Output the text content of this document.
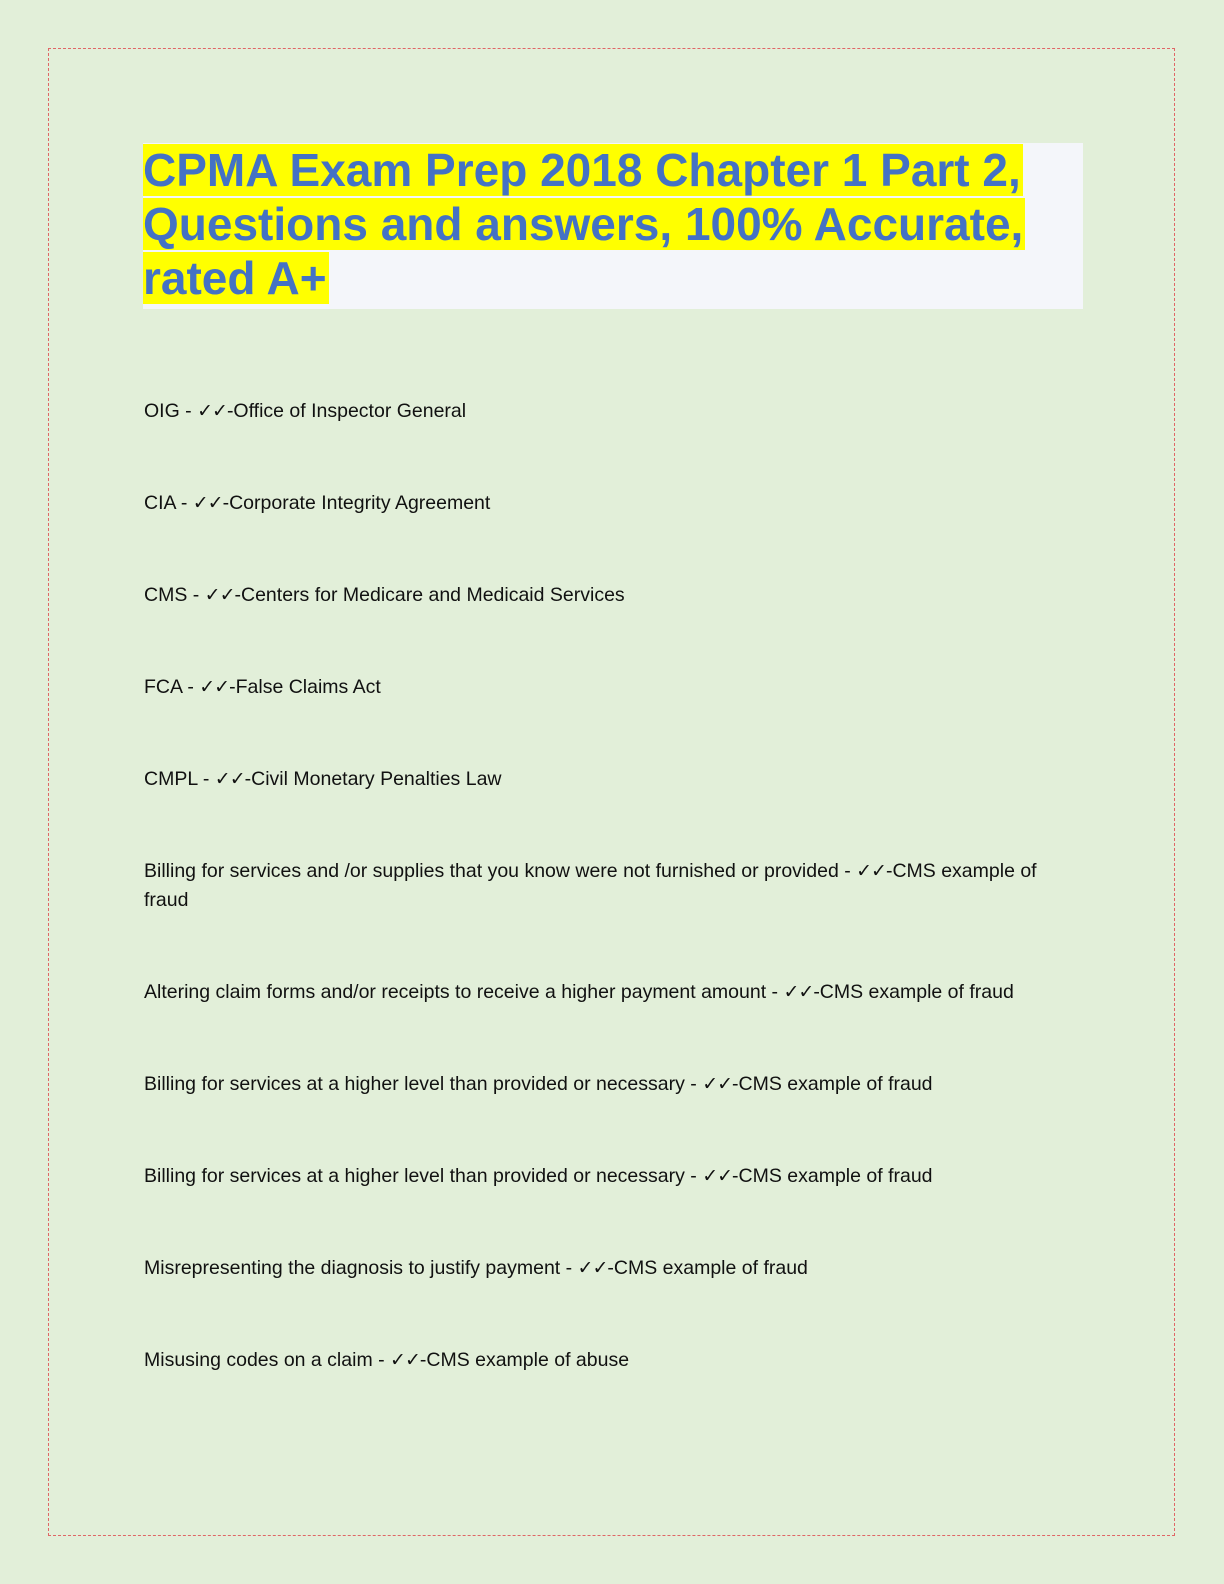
CPMA Exam Prep 2018 Chapter 1 Part 2,
Questions and answers, 100% Accurate,
rated A+
OIG - ✓✓-Office of Inspector General
CIA - ✓✓-Corporate Integrity Agreement
CMS - ✓✓-Centers for Medicare and Medicaid Services
FCA - ✓✓-False Claims Act
CMPL - ✓✓-Civil Monetary Penalties Law
Billing for services and /or supplies that you know were not furnished or provided - ✓✓-CMS example of fraud
Altering claim forms and/or receipts to receive a higher payment amount - ✓✓-CMS example of fraud
Billing for services at a higher level than provided or necessary - ✓✓-CMS example of fraud
Billing for services at a higher level than provided or necessary - ✓✓-CMS example of fraud
Misrepresenting the diagnosis to justify payment - ✓✓-CMS example of fraud
Misusing codes on a claim - ✓✓-CMS example of abuse
